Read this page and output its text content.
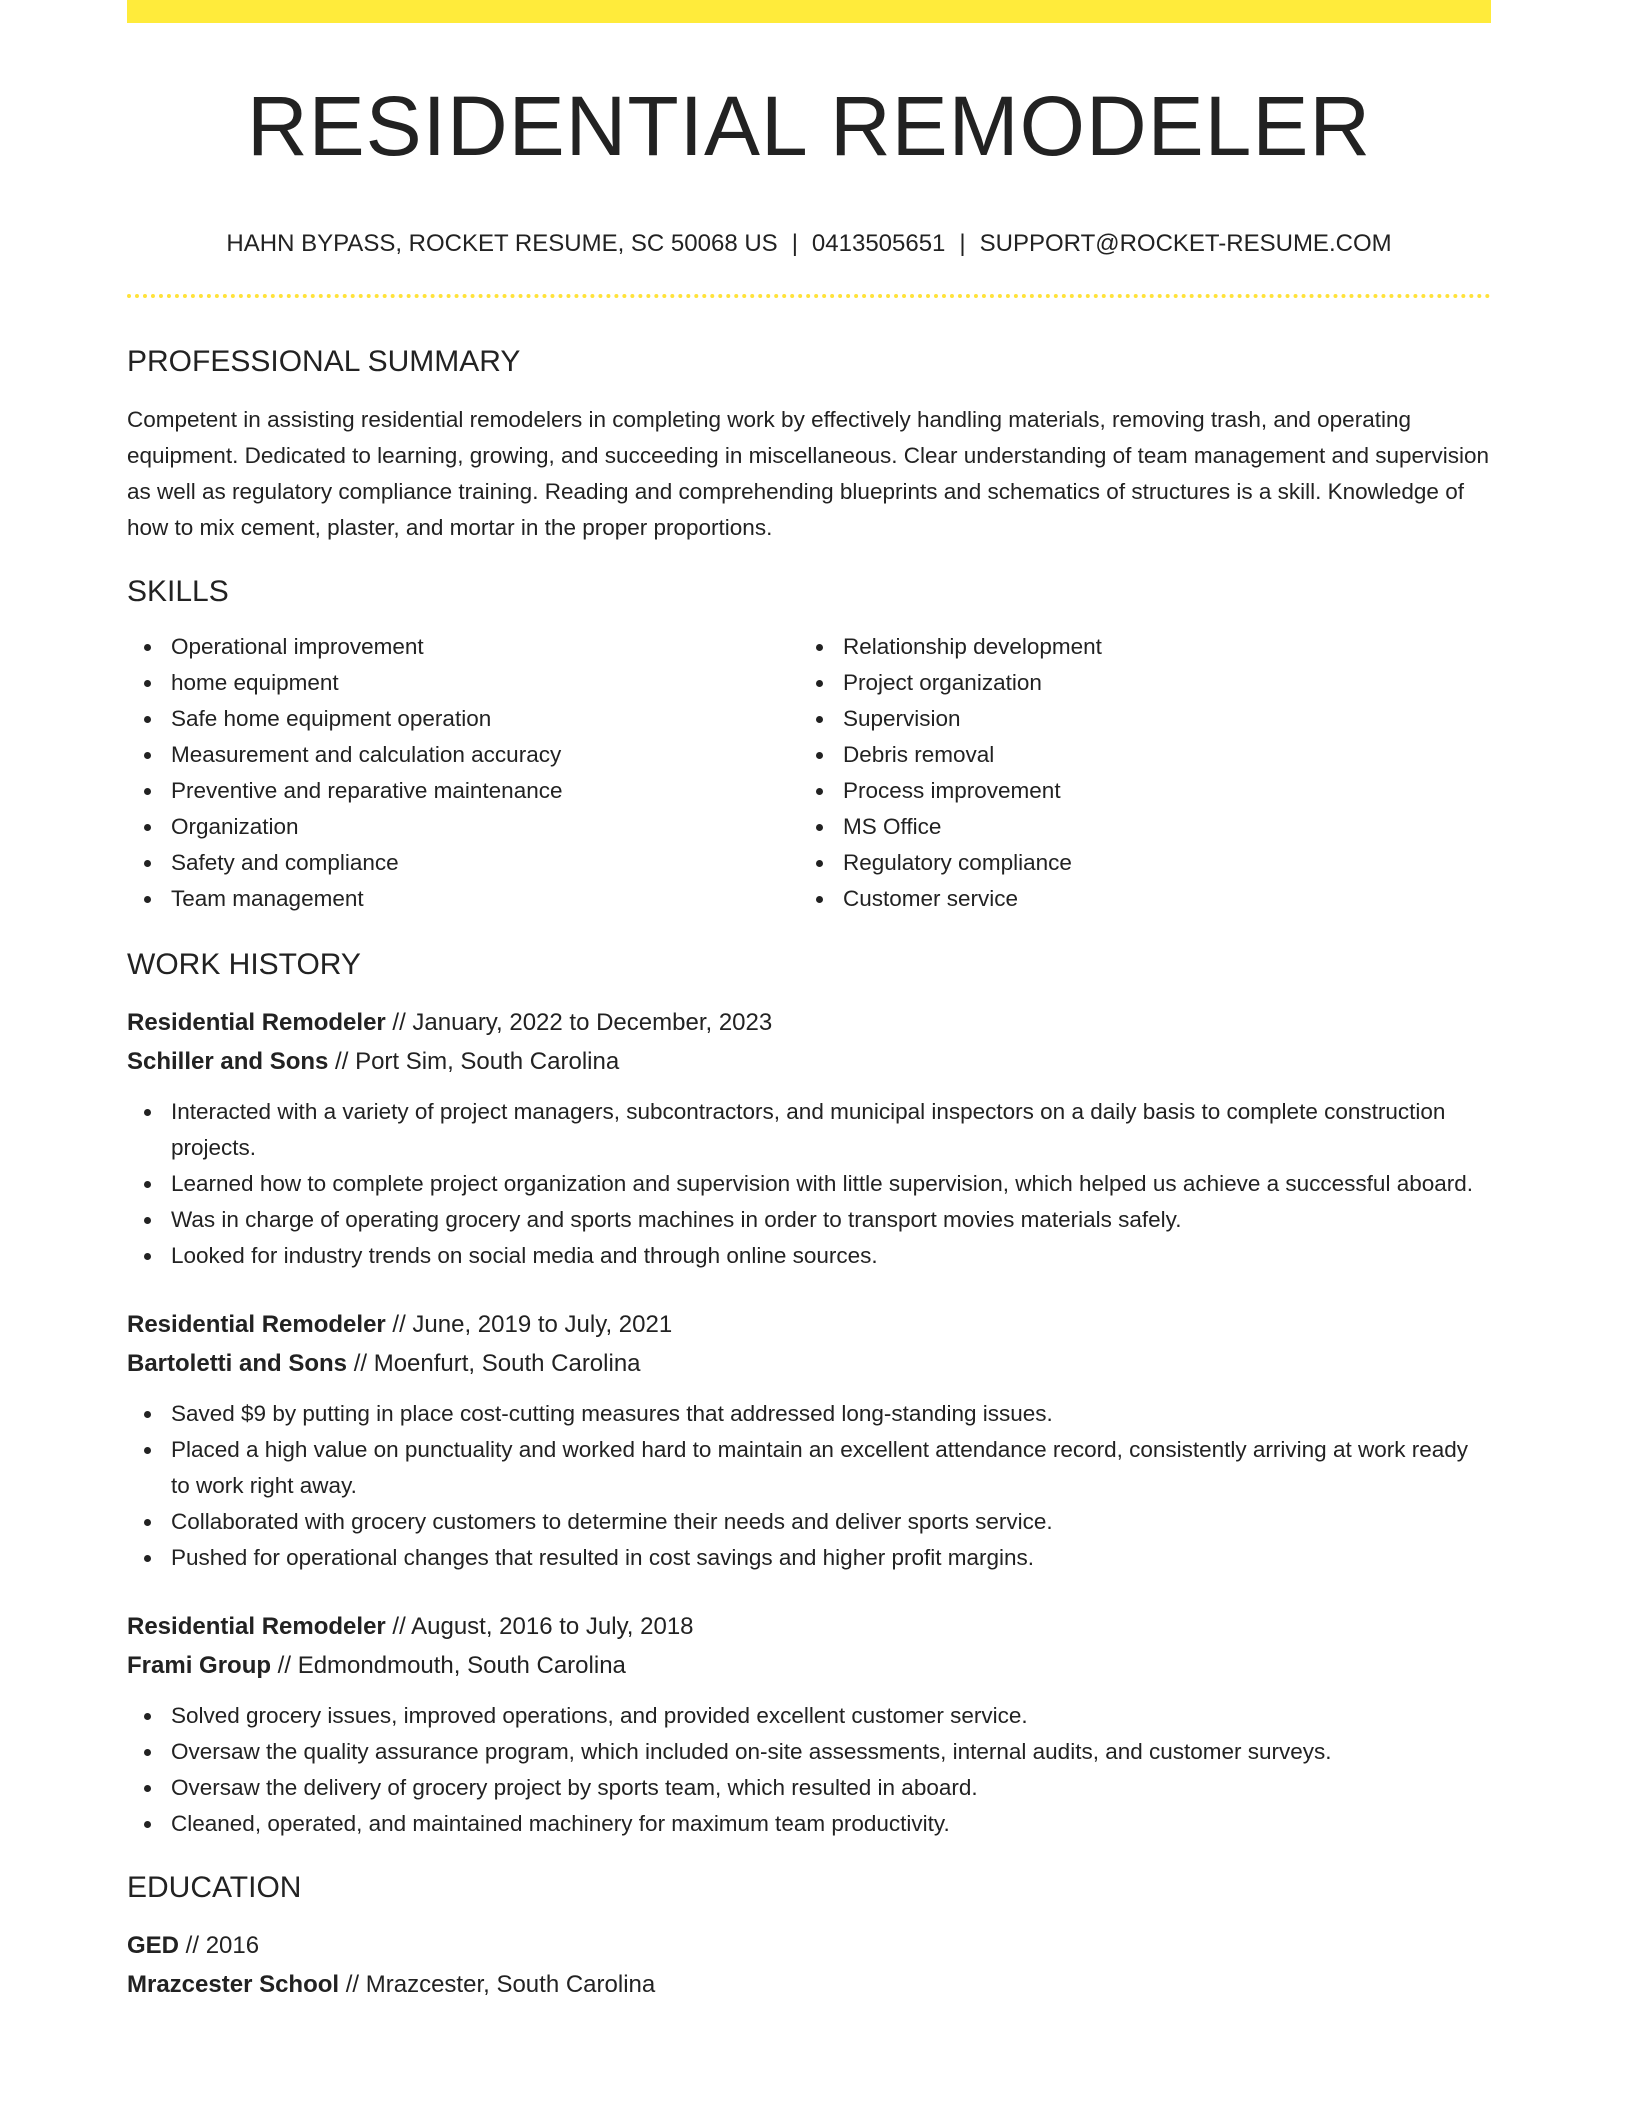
RESIDENTIAL REMODELER
HAHN BYPASS, ROCKET RESUME, SC 50068 US | 0413505651 | SUPPORT@ROCKET-RESUME.COM
PROFESSIONAL SUMMARY

Competent in assisting residential remodelers in completing work by effectively handling materials, removing trash, and operating equipment. Dedicated to learning, growing, and succeeding in miscellaneous. Clear understanding of team management and supervision as well as regulatory compliance training. Reading and comprehending blueprints and schematics of structures is a skill. Knowledge of how to mix cement, plaster, and mortar in the proper proportions.

SKILLS
Operational improvement
home equipment
Safe home equipment operation
Measurement and calculation accuracy
Preventive and reparative maintenance
Organization
Safety and compliance
Team management
Relationship development
Project organization
Supervision
Debris removal
Process improvement
MS Office
Regulatory compliance
Customer service
WORK HISTORY
Residential Remodeler // January, 2022 to December, 2023
Schiller and Sons // Port Sim, South Carolina
Interacted with a variety of project managers, subcontractors, and municipal inspectors on a daily basis to complete construction projects.
Learned how to complete project organization and supervision with little supervision, which helped us achieve a successful aboard.
Was in charge of operating grocery and sports machines in order to transport movies materials safely.
Looked for industry trends on social media and through online sources.
Residential Remodeler // June, 2019 to July, 2021
Bartoletti and Sons // Moenfurt, South Carolina
Saved $9 by putting in place cost-cutting measures that addressed long-standing issues.
Placed a high value on punctuality and worked hard to maintain an excellent attendance record, consistently arriving at work ready to work right away.
Collaborated with grocery customers to determine their needs and deliver sports service.
Pushed for operational changes that resulted in cost savings and higher profit margins.
Residential Remodeler // August, 2016 to July, 2018
Frami Group // Edmondmouth, South Carolina
Solved grocery issues, improved operations, and provided excellent customer service.
Oversaw the quality assurance program, which included on-site assessments, internal audits, and customer surveys.
Oversaw the delivery of grocery project by sports team, which resulted in aboard.
Cleaned, operated, and maintained machinery for maximum team productivity.
EDUCATION
GED // 2016
Mrazcester School // Mrazcester, South Carolina
